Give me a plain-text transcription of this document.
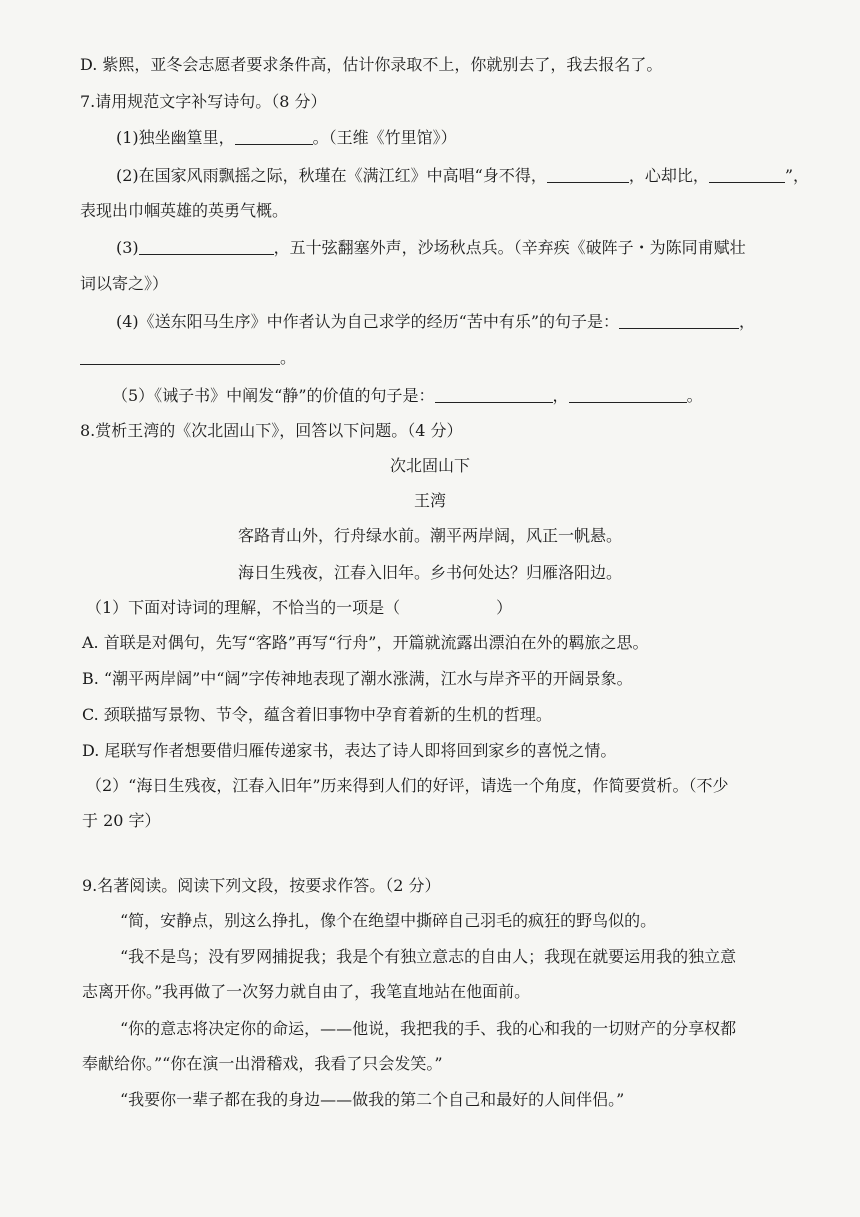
D. 紫熙，亚冬会志愿者要求条件高，估计你录取不上，你就别去了，我去报名了。
7.请用规范文字补写诗句。（8 分）
(1)独坐幽篁里，	。（王维《竹里馆》）
(2)在国家风雨飘摇之际，秋瑾在《满江红》中高唱“身不得，	，心却比，	”，
表现出巾帼英雄的英勇气概。
(3)	，五十弦翻塞外声，沙场秋点兵。（辛弃疾《破阵子・为陈同甫赋壮
词以寄之》）
(4)《送东阳马生序》中作者认为自己求学的经历“苦中有乐”的句子是：	，
。
（5）《诫子书》中阐发“静”的价值的句子是：	，	。
8.赏析王湾的《次北固山下》，回答以下问题。（4 分）
次北固山下
王湾
客路青山外，行舟绿水前。潮平两岸阔，风正一帆悬。
海日生残夜，江春入旧年。乡书何处达？归雁洛阳边。
（1）下面对诗词的理解，不恰当的一项是（　　　　　　）
A. 首联是对偶句，先写“客路”再写“行舟”，开篇就流露出漂泊在外的羁旅之思。
B. “潮平两岸阔”中“阔”字传神地表现了潮水涨满，江水与岸齐平的开阔景象。
C. 颈联描写景物、节令，蕴含着旧事物中孕育着新的生机的哲理。
D. 尾联写作者想要借归雁传递家书，表达了诗人即将回到家乡的喜悦之情。
（2）“海日生残夜，江春入旧年”历来得到人们的好评，请选一个角度，作简要赏析。（不少
于 20 字）
9.名著阅读。阅读下列文段，按要求作答。（2 分）
“简，安静点，别这么挣扎，像个在绝望中撕碎自己羽毛的疯狂的野鸟似的。
“我不是鸟；没有罗网捕捉我；我是个有独立意志的自由人；我现在就要运用我的独立意
志离开你。”我再做了一次努力就自由了，我笔直地站在他面前。
“你的意志将决定你的命运，——他说，我把我的手、我的心和我的一切财产的分享权都
奉献给你。”“你在演一出滑稽戏，我看了只会发笑。”
“我要你一辈子都在我的身边——做我的第二个自己和最好的人间伴侣。”
